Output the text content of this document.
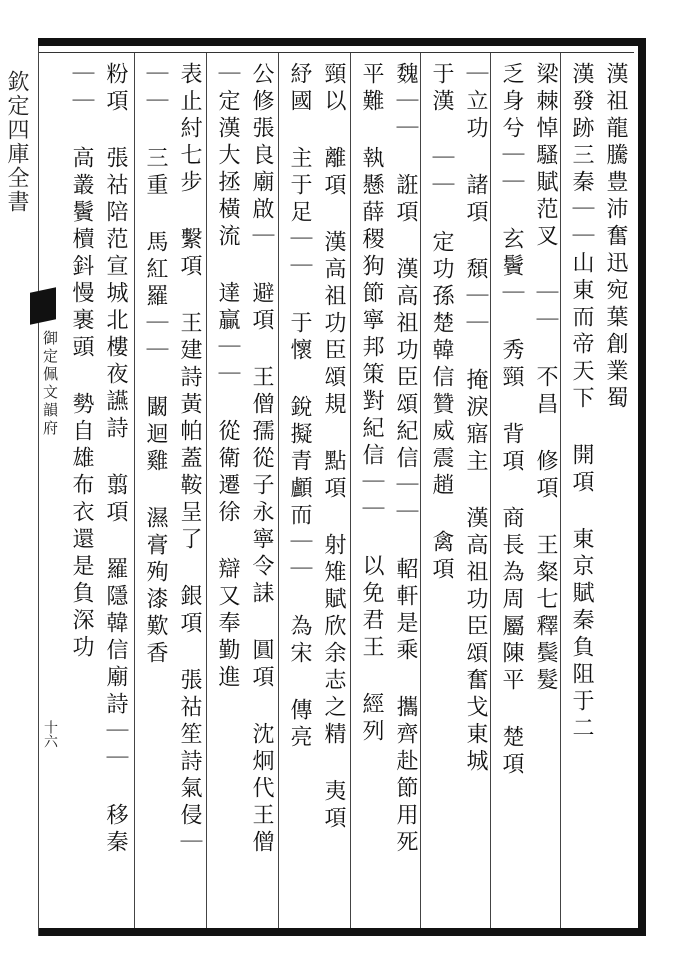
欽定四庫全書
御定佩文韻府
十六
漢祖龍騰豊沛奮迅宛葉創業蜀
漢發跡三秦｜｜山東而帝天下 開項 東京賦秦負阻于二
梁棘悼騷賦范叉 ｜｜ 不昌 修項 王粲七釋鬓髮
乏身兮｜｜ 玄鬢｜ 秀頸 背項 商長為周屬陳平 楚項
｜立功 諸項 頹｜｜ 掩淚寤主 漢高祖功臣頌奮戈東城
于漢 ｜｜ 定功孫楚韓信贊威震趙 禽項
魏｜｜ 誑項 漢高祖功臣頌紀信｜｜ 軺軒是乘 攜齊赴節用死
平難 執懸薛稷狗節寧邦策對紀信｜｜ 以免君王 經列
頸以 離項 漢高祖功臣頌規 點項 射雉賦欣余志之精 夷項
紓國 主于足｜｜ 于懷 銳擬青顱而｜｜ 為宋 傳亮
公修張良廟啟｜ 避項 王僧孺從子永寧令誄 圓項 沈炯代王僧
｜定漢大拯橫流 達贏｜｜ 從衛遷徐 辯又奉勤進
表止紂七步 繫項 王建詩黃帕蓋鞍呈了 銀項 張祜笙詩氣侵｜
｜｜ 三重 馬紅羅｜｜ 闞迴雞 濕膏殉漆歎香
粉項 張祜陪范宣城北樓夜讌詩 翦項 羅隱韓信廟詩｜｜ 移秦
｜｜ 高叢鬢櫝鈄慢裹頭 勢自雄布衣還是負深功
